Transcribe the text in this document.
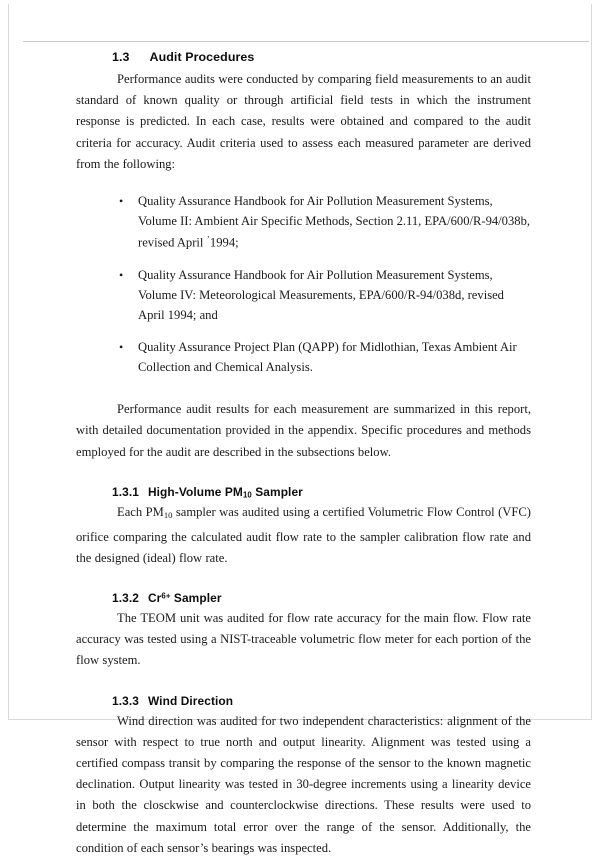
1.3 Audit Procedures

Performance audits were conducted by comparing field measurements to an audit standard of known quality or through artificial field tests in which the instrument response is predicted. In each case, results were obtained and compared to the audit criteria for accuracy. Audit criteria used to assess each measured parameter are derived from the following:

• Quality Assurance Handbook for Air Pollution Measurement Systems, Volume II: Ambient Air Specific Methods, Section 2.11, EPA/600/R-94/038b, revised April ’1994;
• Quality Assurance Handbook for Air Pollution Measurement Systems, Volume IV: Meteorological Measurements, EPA/600/R-94/038d, revised April 1994; and
• Quality Assurance Project Plan (QAPP) for Midlothian, Texas Ambient Air Collection and Chemical Analysis.

Performance audit results for each measurement are summarized in this report, with detailed documentation provided in the appendix. Specific procedures and methods employed for the audit are described in the subsections below.

1.3.1 High-Volume PM10 Sampler

Each $PM_{10}$ sampler was audited using a certified Volumetric Flow Control (VFC) orifice comparing the calculated audit flow rate to the sampler calibration flow rate and the designed (ideal) flow rate.

1.3.2 $Cr^{6+}$ Sampler

The TEOM unit was audited for flow rate accuracy for the main flow. Flow rate accuracy was tested using a NIST-traceable volumetric flow meter for each portion of the flow system.

1.3.3 Wind Direction

Wind direction was audited for two independent characteristics: alignment of the sensor with respect to true north and output linearity. Alignment was tested using a certified compass transit by comparing the response of the sensor to the known magnetic declination. Output linearity was tested in 30-degree increments using a linearity device in both the closckwise and counterclockwise directions. These results were used to determine the maximum total error over the range of the sensor. Additionally, the condition of each sensor’s bearings was inspected.
